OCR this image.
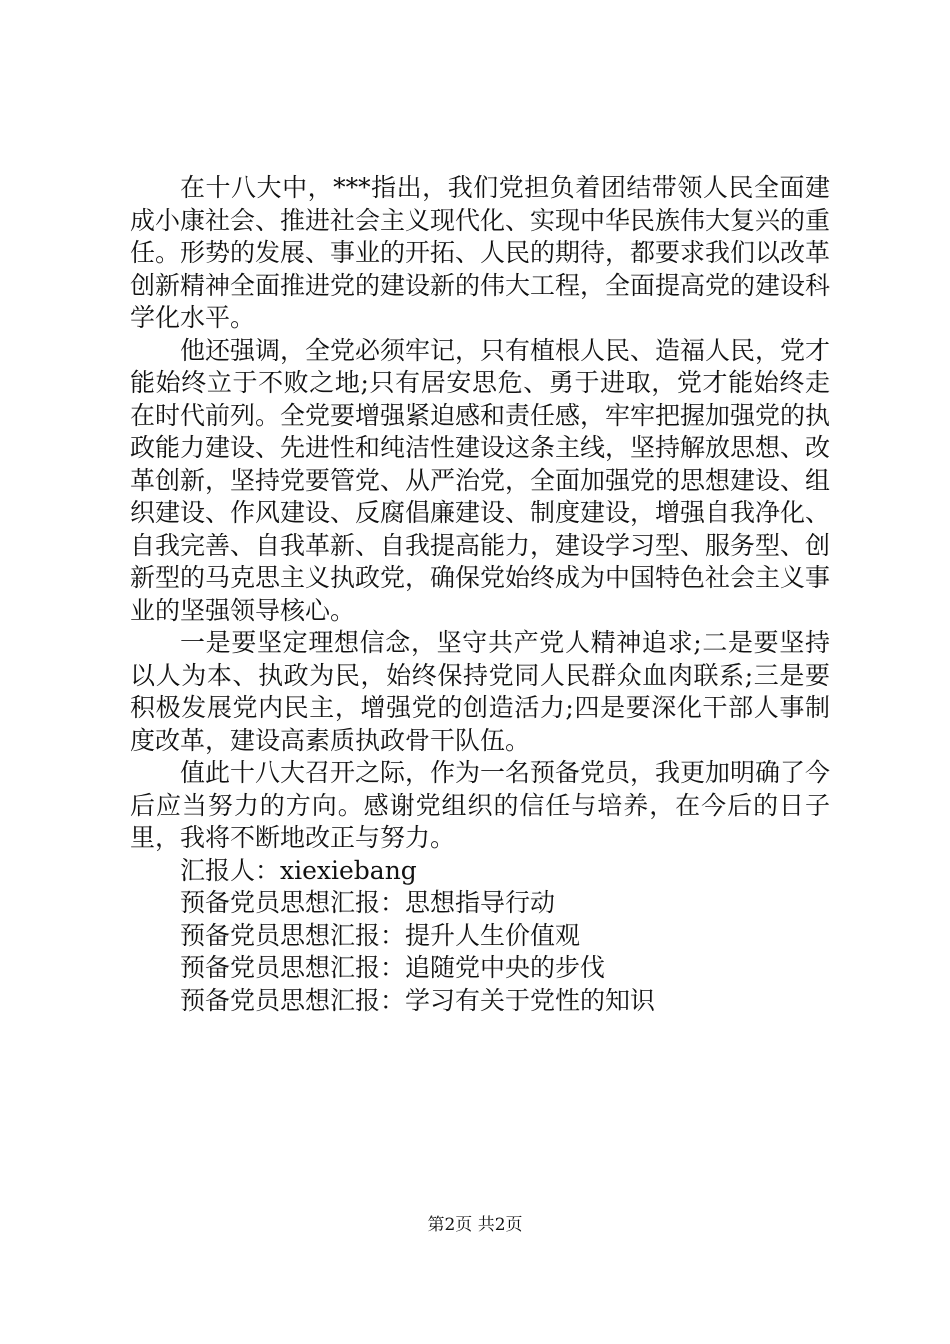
在十八大中，***指出，我们党担负着团结带领人民全面建成小康社会、推进社会主义现代化、实现中华民族伟大复兴的重任。形势的发展、事业的开拓、人民的期待，都要求我们以改革创新精神全面推进党的建设新的伟大工程，全面提高党的建设科学化水平。

他还强调，全党必须牢记，只有植根人民、造福人民，党才能始终立于不败之地;只有居安思危、勇于进取，党才能始终走在时代前列。全党要增强紧迫感和责任感，牢牢把握加强党的执政能力建设、先进性和纯洁性建设这条主线，坚持解放思想、改革创新，坚持党要管党、从严治党，全面加强党的思想建设、组织建设、作风建设、反腐倡廉建设、制度建设，增强自我净化、自我完善、自我革新、自我提高能力，建设学习型、服务型、创新型的马克思主义执政党，确保党始终成为中国特色社会主义事业的坚强领导核心。

一是要坚定理想信念，坚守共产党人精神追求;二是要坚持以人为本、执政为民，始终保持党同人民群众血肉联系;三是要积极发展党内民主，增强党的创造活力;四是要深化干部人事制度改革，建设高素质执政骨干队伍。

值此十八大召开之际，作为一名预备党员，我更加明确了今后应当努力的方向。感谢党组织的信任与培养，在今后的日子里，我将不断地改正与努力。

汇报人：xiexiebang
预备党员思想汇报：思想指导行动
预备党员思想汇报：提升人生价值观
预备党员思想汇报：追随党中央的步伐
预备党员思想汇报：学习有关于党性的知识
第2页 共2页
